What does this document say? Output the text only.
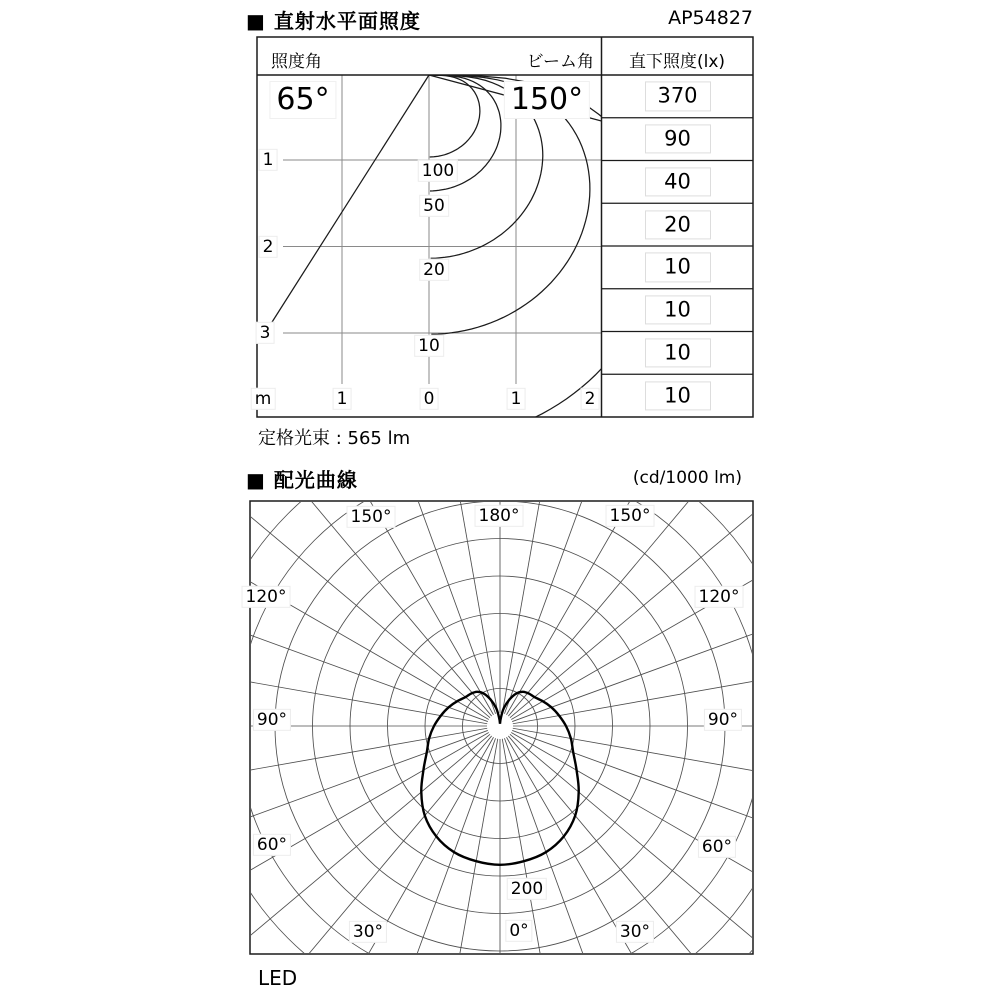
■ 直射水平面照度	AP54827
照度角	ビーム角 直下照度(lx)
65°	150°
定格光束 : 565 lm
■ 配光曲線	(cd/1000 lm)
LED
1
2
3
m	1	0	1	2
100
50
20
10
370
90
40
20
10
10
10
10
150°	180°	150°
120°
90°
60°
30°
120°
90°
60°
30°
0°
200
